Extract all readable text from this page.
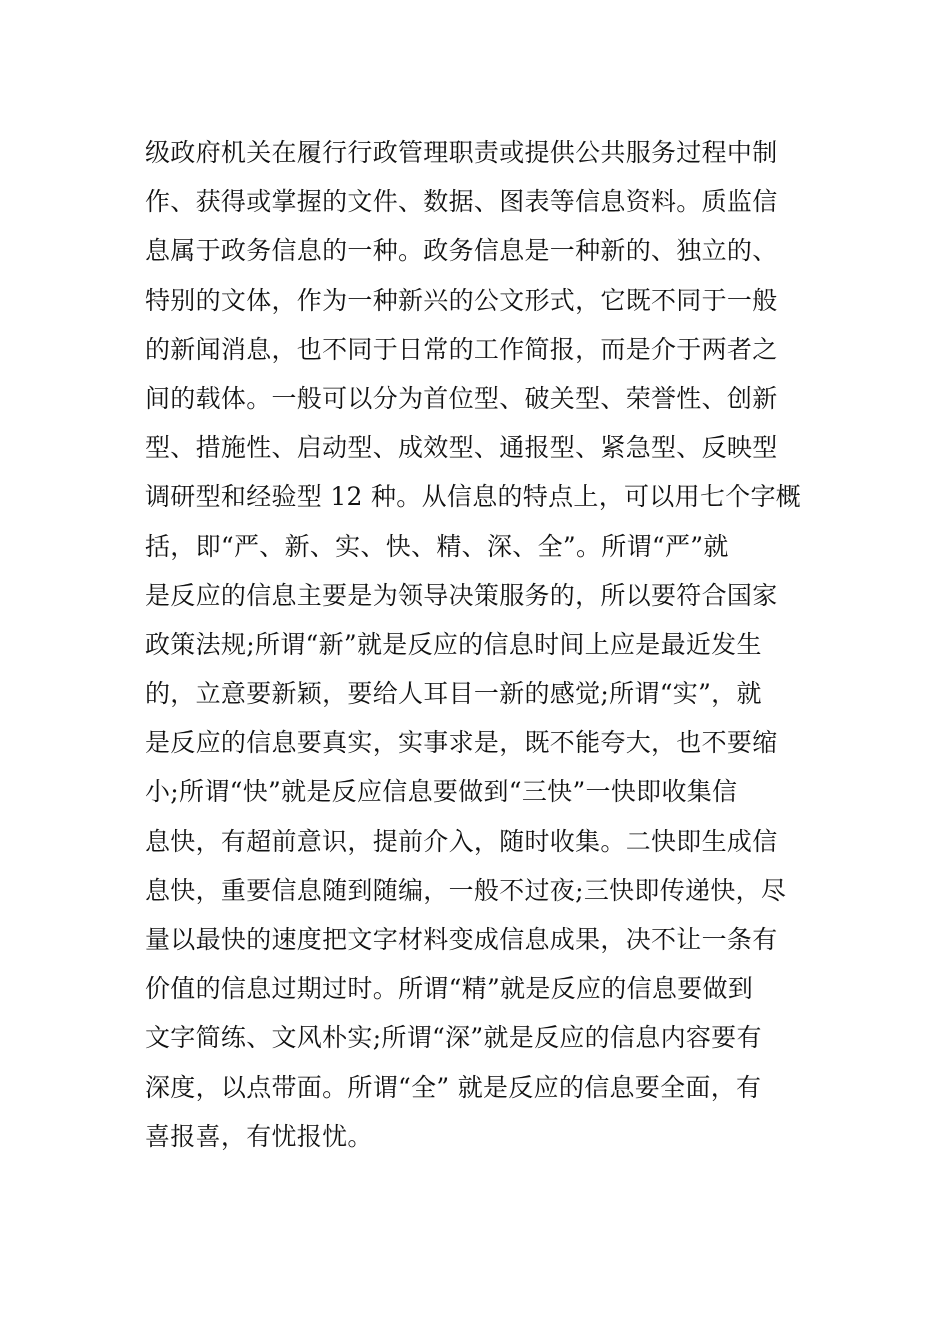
级政府机关在履行行政管理职责或提供公共服务过程中制
作、获得或掌握的文件、数据、图表等信息资料。质监信
息属于政务信息的一种。政务信息是一种新的、独立的、
特别的文体，作为一种新兴的公文形式，它既不同于一般
的新闻消息，也不同于日常的工作简报，而是介于两者之
间的载体。一般可以分为首位型、破关型、荣誉性、创新
型、措施性、启动型、成效型、通报型、紧急型、反映型
调研型和经验型 12 种。从信息的特点上，可以用七个字概
括，即“严、新、实、快、精、深、全”。所谓“严”就
是反应的信息主要是为领导决策服务的，所以要符合国家
政策法规;所谓“新”就是反应的信息时间上应是最近发生
的，立意要新颖，要给人耳目一新的感觉;所谓“实”，就
是反应的信息要真实，实事求是，既不能夸大，也不要缩
小;所谓“快”就是反应信息要做到“三快”一快即收集信
息快，有超前意识，提前介入，随时收集。二快即生成信
息快，重要信息随到随编，一般不过夜;三快即传递快，尽
量以最快的速度把文字材料变成信息成果，决不让一条有
价值的信息过期过时。所谓“精”就是反应的信息要做到
文字简练、文风朴实;所谓“深”就是反应的信息内容要有
深度，以点带面。所谓“全” 就是反应的信息要全面，有
喜报喜，有忧报忧。
